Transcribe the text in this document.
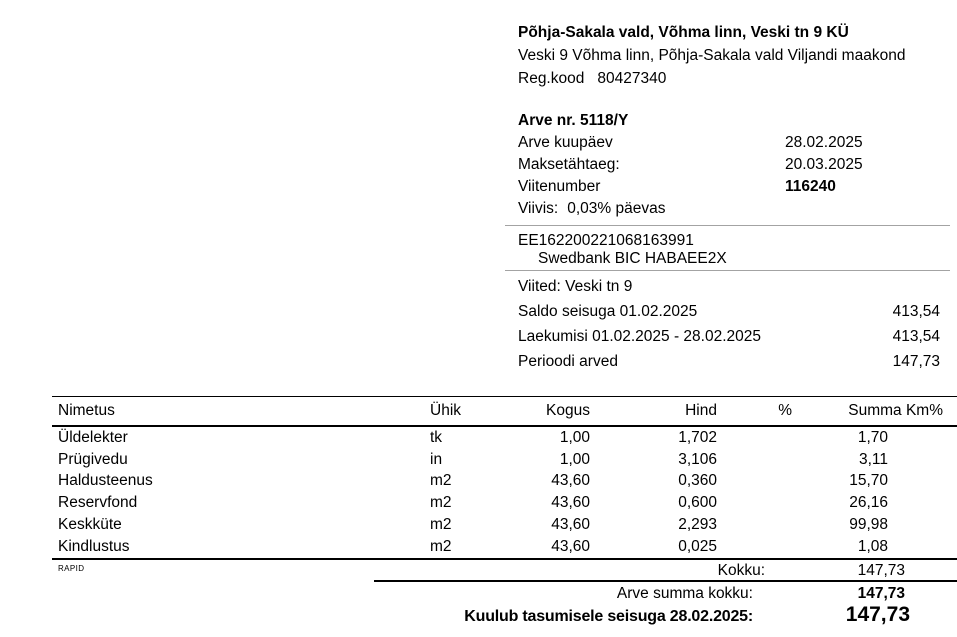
Põhja-Sakala vald, Võhma linn, Veski tn 9 KÜ
Veski 9 Võhma linn, Põhja-Sakala vald Viljandi maakond
Reg.kood 80427340
Arve nr. 5118/Y
Arve kuupäev	28.02.2025
Maksetähtaeg:	20.03.2025
Viitenumber	116240
Viivis: 0,03% päevas
EE162200221068163991
Swedbank BIC HABAEE2X
Viited: Veski tn 9
Saldo seisuga 01.02.2025	413,54
Laekumisi 01.02.2025 - 28.02.2025	413,54
Perioodi arved	147,73
Nimetus	Ühik	Kogus	Hind	%	Summa Km%
Üldelekter	tk	1,00	1,702		1,70
Prügivedu	in	1,00	3,106		3,11
Haldusteenus	m2	43,60	0,360		15,70
Reservfond	m2	43,60	0,600		26,16
Keskküte	m2	43,60	2,293		99,98
Kindlustus	m2	43,60	0,025		1,08
RAPID	Kokku:	147,73
Arve summa kokku:	147,73
Kuulub tasumisele seisuga 28.02.2025:	147,73
